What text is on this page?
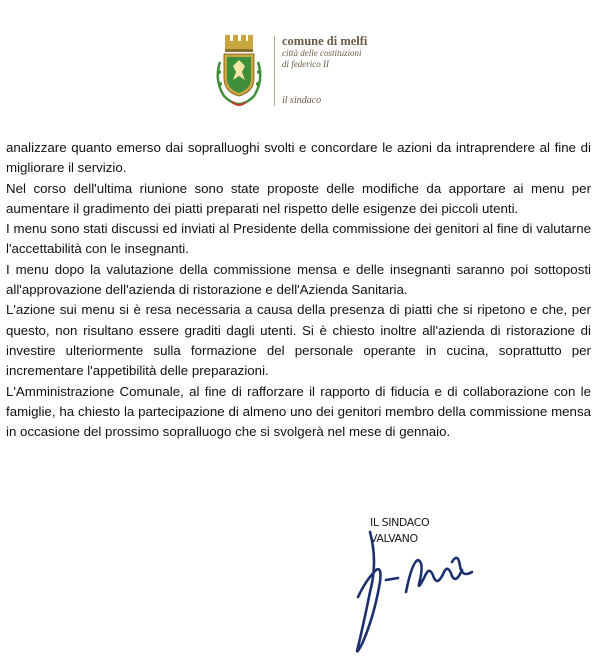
comune di melfi
città delle costituzioni
di federico II
il sindaco

analizzare quanto emerso dai sopralluoghi svolti e concordare le azioni da intraprendere al fine di migliorare il servizio.

Nel corso dell'ultima riunione sono state proposte delle modifiche da apportare ai menu per aumentare il gradimento dei piatti preparati nel rispetto delle esigenze dei piccoli utenti.

I menu sono stati discussi ed inviati al Presidente della commissione dei genitori al fine di valutarne l'accettabilità con le insegnanti.

I menu dopo la valutazione della commissione mensa e delle insegnanti saranno poi sottoposti all'approvazione dell'azienda di ristorazione e dell'Azienda Sanitaria.

L'azione sui menu si è resa necessaria a causa della presenza di piatti che si ripetono e che, per questo, non risultano essere graditi dagli utenti. Si è chiesto inoltre all'azienda di ristorazione di investire ulteriormente sulla formazione del personale operante in cucina, soprattutto per incrementare l'appetibilità delle preparazioni.

L'Amministrazione Comunale, al fine di rafforzare il rapporto di fiducia e di collaborazione con le famiglie, ha chiesto la partecipazione di almeno uno dei genitori membro della commissione mensa in occasione del prossimo sopralluogo che si svolgerà nel mese di gennaio.

IL SINDACO
VALVANO
